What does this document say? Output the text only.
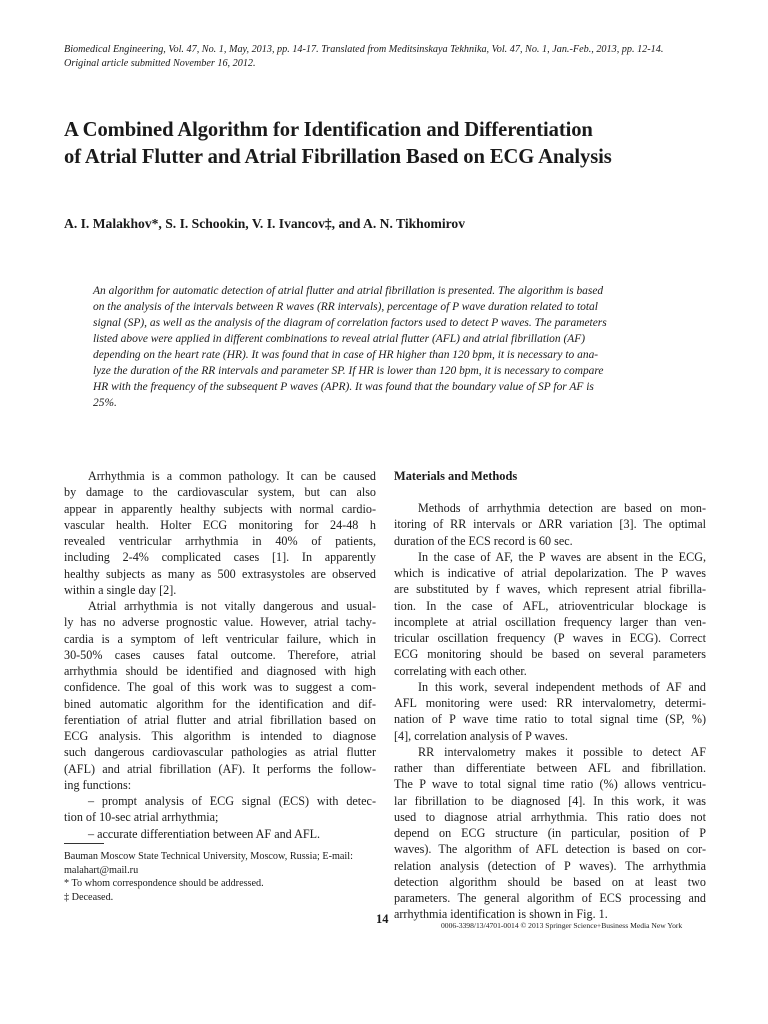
Biomedical Engineering, Vol. 47, No. 1, May, 2013, pp. 14-17. Translated from Meditsinskaya Tekhnika, Vol. 47, No. 1, Jan.-Feb., 2013, pp. 12-14.
Original article submitted November 16, 2012.
A Combined Algorithm for Identification and Differentiation
of Atrial Flutter and Atrial Fibrillation Based on ECG Analysis
A. I. Malakhov*, S. I. Schookin, V. I. Ivancov‡, and A. N. Tikhomirov
An algorithm for automatic detection of atrial flutter and atrial fibrillation is presented. The algorithm is based
on the analysis of the intervals between R waves (RR intervals), percentage of P wave duration related to total
signal (SP), as well as the analysis of the diagram of correlation factors used to detect P waves. The parameters
listed above were applied in different combinations to reveal atrial flutter (AFL) and atrial fibrillation (AF)
depending on the heart rate (HR). It was found that in case of HR higher than 120 bpm, it is necessary to ana-
lyze the duration of the RR intervals and parameter SP. If HR is lower than 120 bpm, it is necessary to compare
HR with the frequency of the subsequent P waves (APR). It was found that the boundary value of SP for AF is
25%.
Arrhythmia is a common pathology. It can be caused
by damage to the cardiovascular system, but can also
appear in apparently healthy subjects with normal cardio-
vascular health. Holter ECG monitoring for 24-48 h
revealed ventricular arrhythmia in 40% of patients,
including 2-4% complicated cases [1]. In apparently
healthy subjects as many as 500 extrasystoles are observed
within a single day [2].
Atrial arrhythmia is not vitally dangerous and usual-
ly has no adverse prognostic value. However, atrial tachy-
cardia is a symptom of left ventricular failure, which in
30-50% cases causes fatal outcome. Therefore, atrial
arrhythmia should be identified and diagnosed with high
confidence. The goal of this work was to suggest a com-
bined automatic algorithm for the identification and dif-
ferentiation of atrial flutter and atrial fibrillation based on
ECG analysis. This algorithm is intended to diagnose
such dangerous cardiovascular pathologies as atrial flutter
(AFL) and atrial fibrillation (AF). It performs the follow-
ing functions:
– prompt analysis of ECG signal (ECS) with detec-
tion of 10-sec atrial arrhythmia;
– accurate differentiation between AF and AFL.
Bauman Moscow State Technical University, Moscow, Russia; E-mail:
malahart@mail.ru
* To whom correspondence should be addressed.
‡ Deceased.
Materials and Methods
Methods of arrhythmia detection are based on mon-
itoring of RR intervals or ΔRR variation [3]. The optimal
duration of the ECS record is 60 sec.
In the case of AF, the P waves are absent in the ECG,
which is indicative of atrial depolarization. The P waves
are substituted by f waves, which represent atrial fibrilla-
tion. In the case of AFL, atrioventricular blockage is
incomplete at atrial oscillation frequency larger than ven-
tricular oscillation frequency (P waves in ECG). Correct
ECG monitoring should be based on several parameters
correlating with each other.
In this work, several independent methods of AF and
AFL monitoring were used: RR intervalometry, determi-
nation of P wave time ratio to total signal time (SP, %)
[4], correlation analysis of P waves.
RR intervalometry makes it possible to detect AF
rather than differentiate between AFL and fibrillation.
The P wave to total signal time ratio (%) allows ventricu-
lar fibrillation to be diagnosed [4]. In this work, it was
used to diagnose atrial arrhythmia. This ratio does not
depend on ECG structure (in particular, position of P
waves). The algorithm of AFL detection is based on cor-
relation analysis (detection of P waves). The arrhythmia
detection algorithm should be based on at least two
parameters. The general algorithm of ECS processing and
arrhythmia identification is shown in Fig. 1.
14	0006-3398/13/4701-0014 © 2013 Springer Science+Business Media New York
